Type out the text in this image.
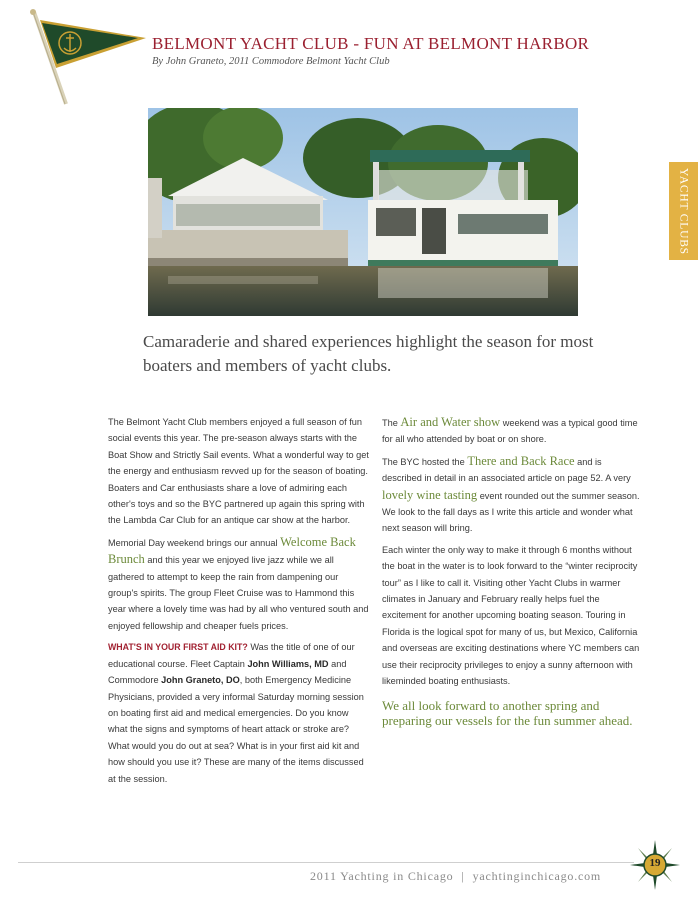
BELMONT YACHT CLUB - FUN AT BELMONT HARBOR
By John Graneto, 2011 Commodore Belmont Yacht Club
YACHT CLUBS
Camaraderie and shared experiences highlight the season for most boaters and members of yacht clubs.

The Belmont Yacht Club members enjoyed a full season of fun social events this year. The pre-season always starts with the Boat Show and Strictly Sail events. What a wonderful way to get the energy and enthusiasm revved up for the season of boating. Boaters and Car enthusiasts share a love of admiring each other's toys and so the BYC partnered up again this spring with the Lambda Car Club for an antique car show at the harbor.

Memorial Day weekend brings our annual Welcome Back Brunch and this year we enjoyed live jazz while we all gathered to attempt to keep the rain from dampening our group's spirits. The group Fleet Cruise was to Hammond this year where a lovely time was had by all who ventured south and enjoyed fellowship and cheaper fuels prices.

WHAT'S IN YOUR FIRST AID KIT? Was the title of one of our educational course. Fleet Captain John Williams, MD and Commodore John Graneto, DO, both Emergency Medicine Physicians, provided a very informal Saturday morning session on boating first aid and medical emergencies. Do you know what the signs and symptoms of heart attack or stroke are? What would you do out at sea? What is in your first aid kit and how should you use it? These are many of the items discussed at the session.

The Air and Water show weekend was a typical good time for all who attended by boat or on shore.

The BYC hosted the There and Back Race and is described in detail in an associated article on page 52. A very lovely wine tasting event rounded out the summer season. We look to the fall days as I write this article and wonder what next season will bring.

Each winter the only way to make it through 6 months without the boat in the water is to look forward to the “winter reciprocity tour” as I like to call it. Visiting other Yacht Clubs in warmer climates in January and February really helps fuel the excitement for another upcoming boating season. Touring in Florida is the logical spot for many of us, but Mexico, California and overseas are exciting destinations where YC members can use their reciprocity privileges to enjoy a sunny afternoon with likeminded boating enthusiasts.

We all look forward to another spring and preparing our vessels for the fun summer ahead.
2011 Yachting in Chicago | yachtinginchicago.com
19
